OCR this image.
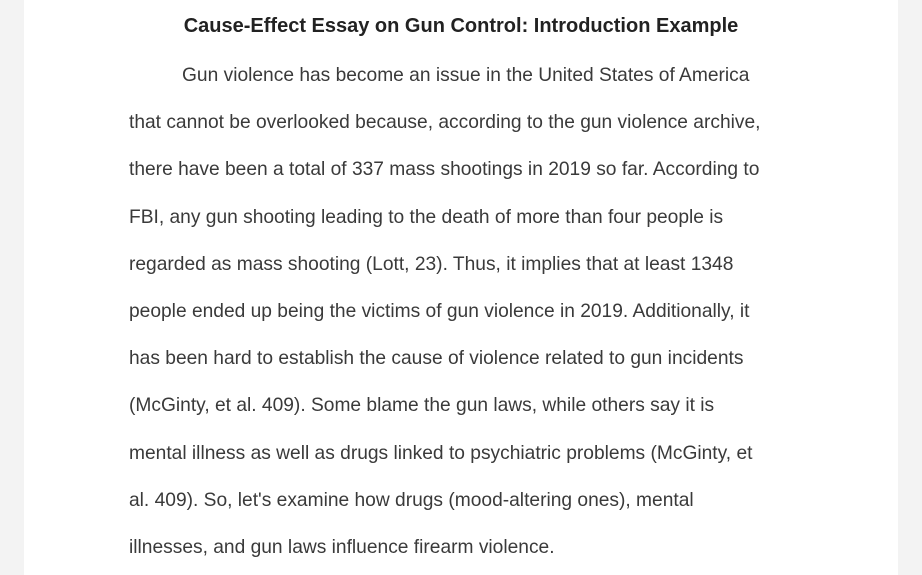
Cause-Effect Essay on Gun Control: Introduction Example

Gun violence has become an issue in the United States of America
that cannot be overlooked because, according to the gun violence archive,
there have been a total of 337 mass shootings in 2019 so far. According to
FBI, any gun shooting leading to the death of more than four people is
regarded as mass shooting (Lott, 23). Thus, it implies that at least 1348
people ended up being the victims of gun violence in 2019. Additionally, it
has been hard to establish the cause of violence related to gun incidents
(McGinty, et al. 409). Some blame the gun laws, while others say it is
mental illness as well as drugs linked to psychiatric problems (McGinty, et
al. 409). So, let's examine how drugs (mood-altering ones), mental
illnesses, and gun laws influence firearm violence.
